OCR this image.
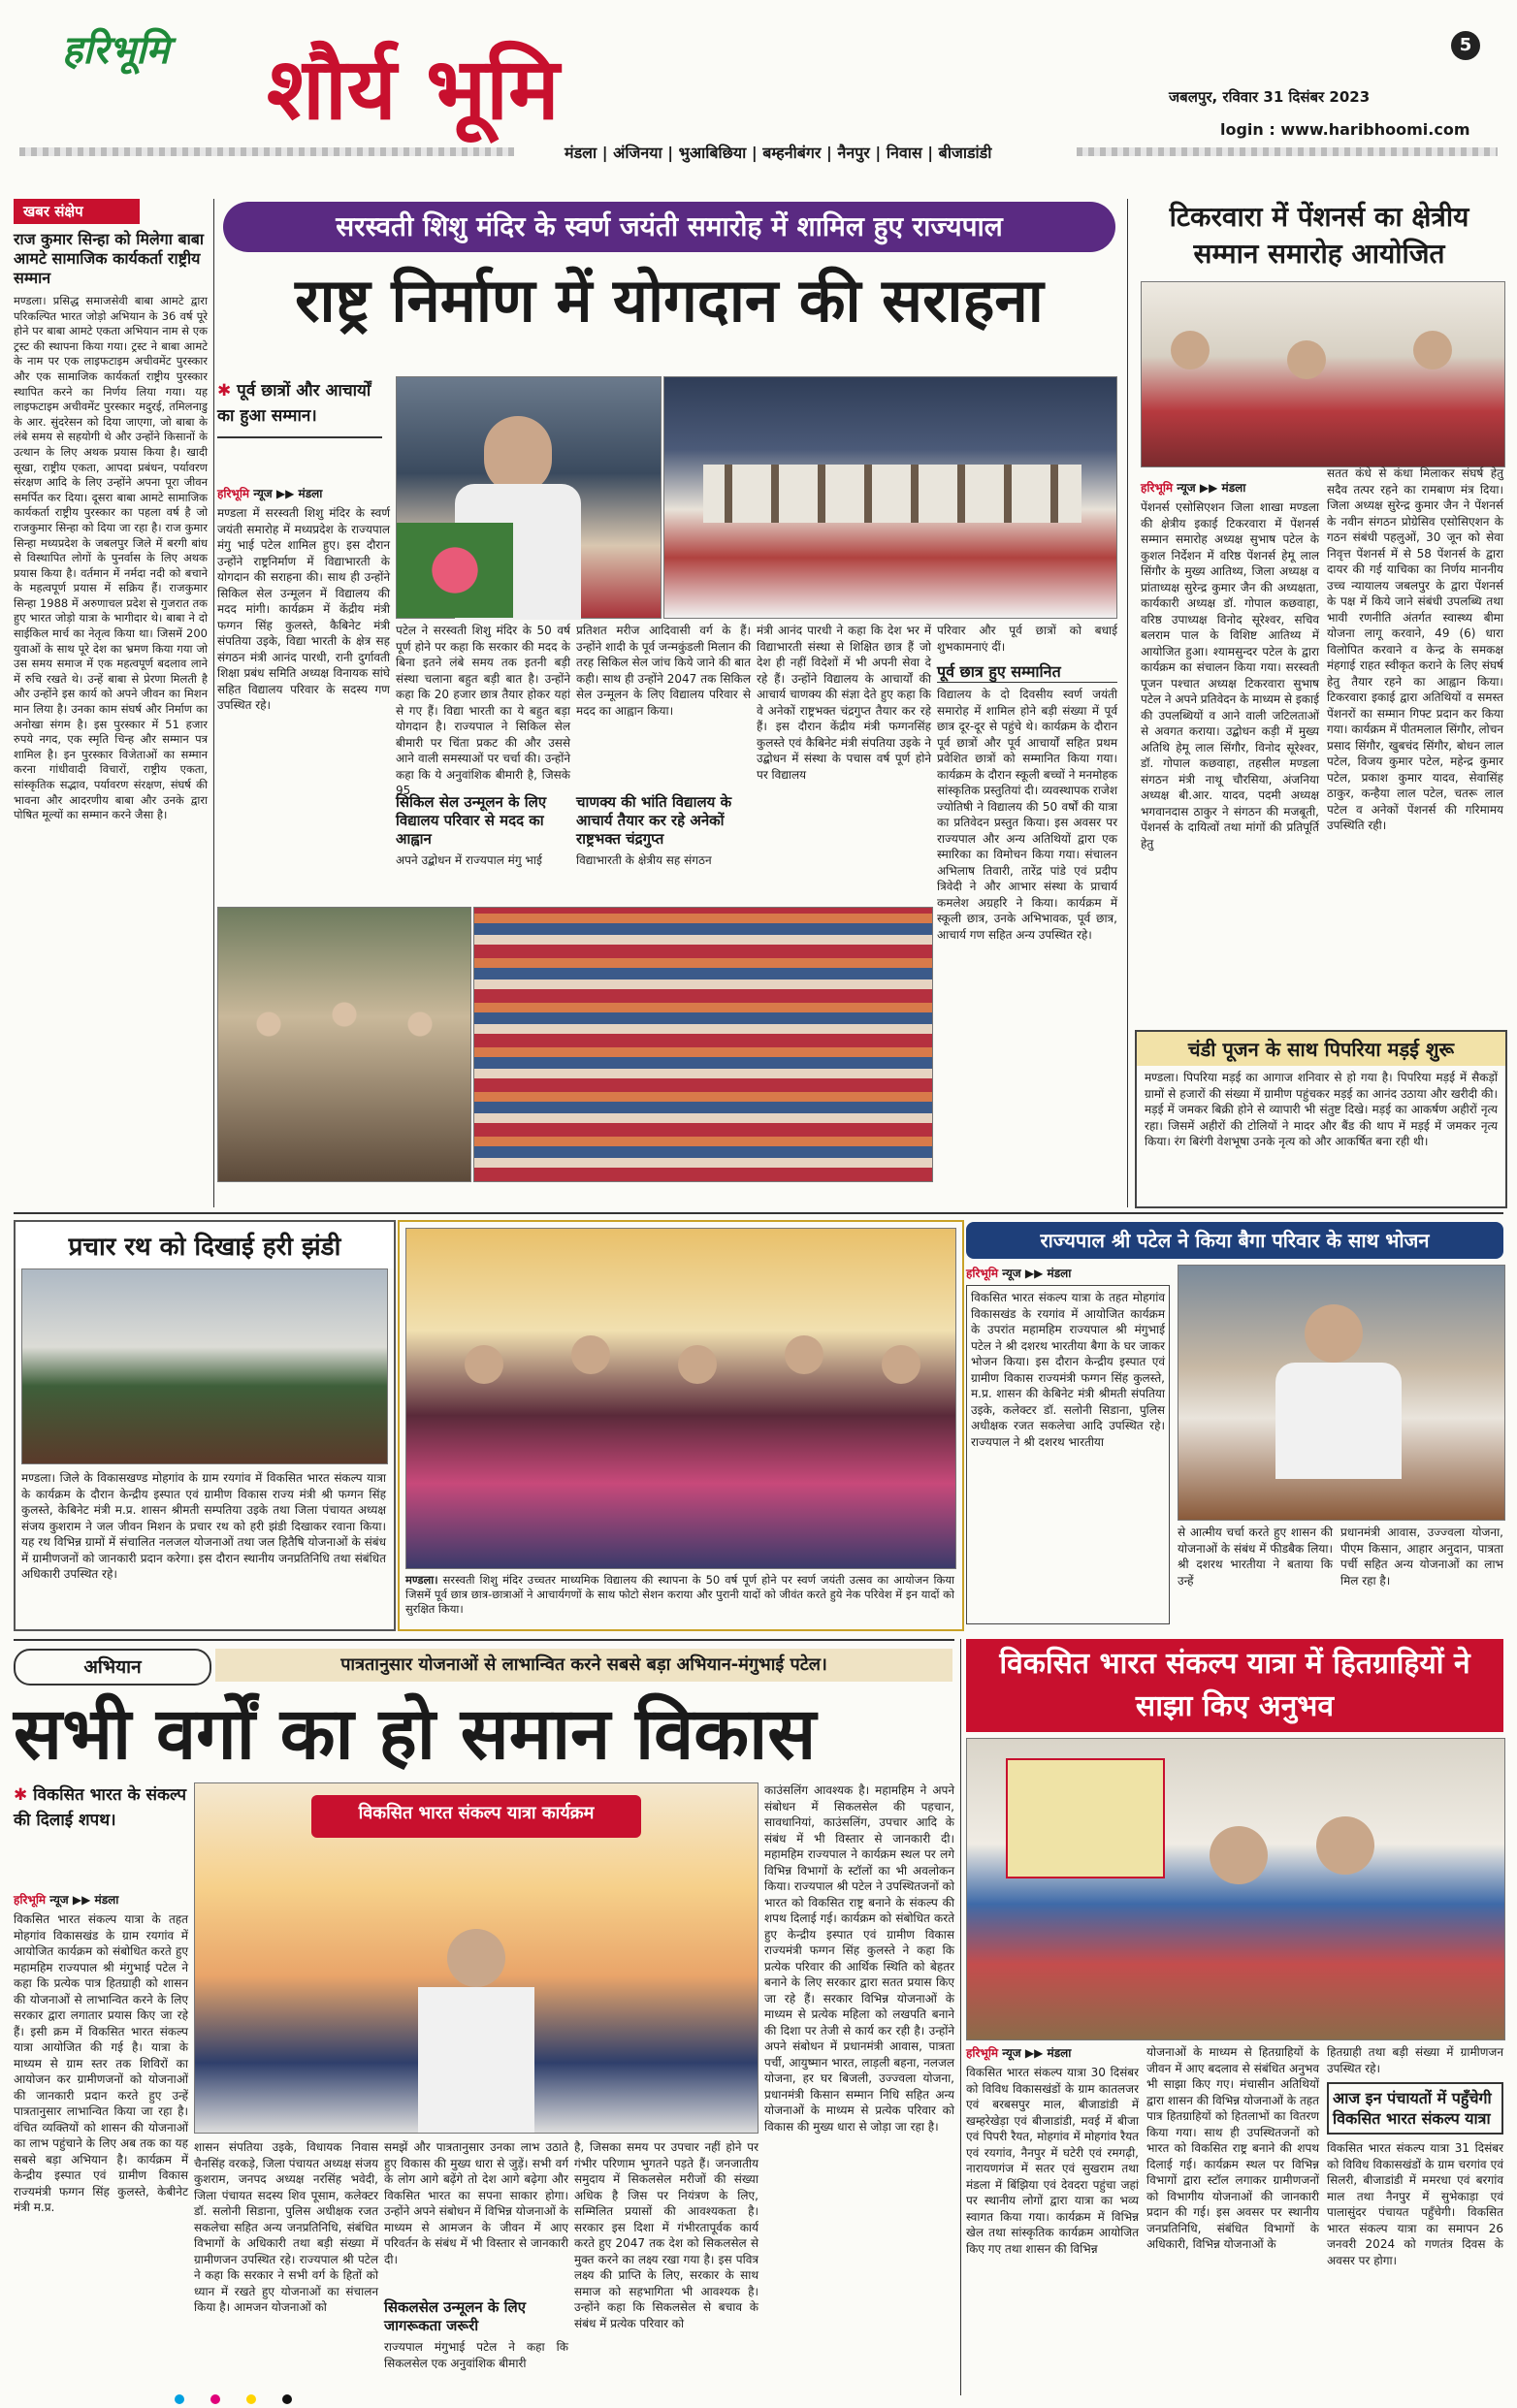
हरिभूमि शौर्य भूमि	5
जबलपुर, रविवार 31 दिसंबर 2023
login : www.haribhoomi.com
मंडला | अंजिनया | भुआबिछिया | बम्हनीबंगर | नैनपुर | निवास | बीजाडांडी
खबर संक्षेप

राज कुमार सिन्हा को मिलेगा बाबा आमटे सामाजिक कार्यकर्ता राष्ट्रीय सम्मान

मण्डला। प्रसिद्ध समाजसेवी बाबा आमटे द्वारा परिकल्पित भारत जोड़ो अभियान के 36 वर्ष पूरे होने पर बाबा आमटे एकता अभियान नाम से एक ट्रस्ट की स्थापना किया गया। ट्रस्ट ने बाबा आमटे के नाम पर एक लाइफटाइम अचीवमेंट पुरस्कार और एक सामाजिक कार्यकर्ता राष्ट्रीय पुरस्कार स्थापित करने का निर्णय लिया गया। यह लाइफटाइम अचीवमेंट पुरस्कार मदुरई, तमिलनाडु के आर. सुंदरेसन को दिया जाएगा, जो बाबा के लंबे समय से सहयोगी थे और उन्होंने किसानों के उत्थान के लिए अथक प्रयास किया है। खादी सूखा, राष्ट्रीय एकता, आपदा प्रबंधन, पर्यावरण संरक्षण आदि के लिए उन्होंने अपना पूरा जीवन समर्पित कर दिया। दूसरा बाबा आमटे सामाजिक कार्यकर्ता राष्ट्रीय पुरस्कार का पहला वर्ष है जो राजकुमार सिन्हा को दिया जा रहा है। राज कुमार सिन्हा मध्यप्रदेश के जबलपुर जिले में बरगी बांध से विस्थापित लोगों के पुनर्वास के लिए अथक प्रयास किया है। वर्तमान में नर्मदा नदी को बचाने के महत्वपूर्ण प्रयास में सक्रिय हैं। राजकुमार सिन्हा 1988 में अरुणाचल प्रदेश से गुजरात तक हुए भारत जोड़ो यात्रा के भागीदार थे। बाबा ने दो साईकिल मार्च का नेतृत्व किया था। जिसमें 200 युवाओं के साथ पूरे देश का भ्रमण किया गया जो उस समय समाज में एक महत्वपूर्ण बदलाव लाने में रुचि रखते थे। उन्हें बाबा से प्रेरणा मिलती है और उन्होंने इस कार्य को अपने जीवन का मिशन मान लिया है। उनका काम संघर्ष और निर्माण का अनोखा संगम है। इस पुरस्कार में 51 हजार रुपये नगद, एक स्मृति चिन्ह और सम्मान पत्र शामिल है। इन पुरस्कार विजेताओं का सम्मान करना गांधीवादी विचारों, राष्ट्रीय एकता, सांस्कृतिक सद्भाव, पर्यावरण संरक्षण, संघर्ष की भावना और आदरणीय बाबा और उनके द्वारा पोषित मूल्यों का सम्मान करने जैसा है।

सरस्वती शिशु मंदिर के स्वर्ण जयंती समारोह में शामिल हुए राज्यपाल
राष्ट्र निर्माण में योगदान की सराहना

✱ पूर्व छात्रों और आचार्यों का हुआ सम्मान।

हरिभूमि न्यूज ▶▶ मंडला

मण्डला में सरस्वती शिशु मंदिर के स्वर्ण जयंती समारोह में मध्यप्रदेश के राज्यपाल मंगु भाई पटेल शामिल हुए। इस दौरान उन्होंने राष्ट्रनिर्माण में विद्याभारती के योगदान की सराहना की। साथ ही उन्होंने सिकिल सेल उन्मूलन में विद्यालय की मदद मांगी। कार्यक्रम में केंद्रीय मंत्री फग्गन सिंह कुलस्ते, कैबिनेट मंत्री संपतिया उइके, विद्या भारती के क्षेत्र सह संगठन मंत्री आनंद पारधी, रानी दुर्गावती शिक्षा प्रबंध समिति अध्यक्ष विनायक सांघे सहित विद्यालय परिवार के सदस्य गण उपस्थित रहे।

पटेल ने सरस्वती शिशु मंदिर के 50 वर्ष पूर्ण होने पर कहा कि सरकार की मदद के बिना इतने लंबे समय तक इतनी बड़ी संस्था चलाना बहुत बड़ी बात है। उन्होंने कहा कि 20 हजार छात्र तैयार होकर यहां से गए हैं। विद्या भारती का ये बहुत बड़ा योगदान है। राज्यपाल ने सिकिल सेल बीमारी पर चिंता प्रकट की और उससे आने वाली समस्याओं पर चर्चा की। उन्होंने कहा कि ये अनुवांशिक बीमारी है, जिसके 95

सिकिल सेल उन्मूलन के लिए विद्यालय परिवार से मदद का आह्वान

अपने उद्बोधन में राज्यपाल मंगु भाई

प्रतिशत मरीज आदिवासी वर्ग के हैं। उन्होंने शादी के पूर्व जन्मकुंडली मिलान की तरह सिकिल सेल जांच किये जाने की बात कही। साथ ही उन्होंने 2047 तक सिकिल सेल उन्मूलन के लिए विद्यालय परिवार से मदद का आह्वान किया।

चाणक्य की भांति विद्यालय के आचार्य तैयार कर रहे अनेकों राष्ट्रभक्त चंद्रगुप्त

विद्याभारती के क्षेत्रीय सह संगठन

मंत्री आनंद पारधी ने कहा कि देश भर में विद्याभारती संस्था से शिक्षित छात्र हैं जो देश ही नहीं विदेशों में भी अपनी सेवा दे रहे हैं। उन्होंने विद्यालय के आचार्यों की आचार्य चाणक्य की संज्ञा देते हुए कहा कि वे अनेकों राष्ट्रभक्त चंद्रगुप्त तैयार कर रहे हैं। इस दौरान केंद्रीय मंत्री फग्गनसिंह कुलस्ते एवं कैबिनेट मंत्री संपतिया उइके ने उद्बोधन में संस्था के पचास वर्ष पूर्ण होने पर विद्यालय

परिवार और पूर्व छात्रों को बधाई शुभकामनाएं दीं।

पूर्व छात्र हुए सम्मानित

विद्यालय के दो दिवसीय स्वर्ण जयंती समारोह में शामिल होने बड़ी संख्या में पूर्व छात्र दूर-दूर से पहुंचे थे। कार्यक्रम के दौरान पूर्व छात्रों और पूर्व आचार्यों सहित प्रथम प्रवेशित छात्रों को सम्मानित किया गया। कार्यक्रम के दौरान स्कूली बच्चों ने मनमोहक सांस्कृतिक प्रस्तुतियां दी। व्यवस्थापक राजेश ज्योतिषी ने विद्यालय की 50 वर्षों की यात्रा का प्रतिवेदन प्रस्तुत किया। इस अवसर पर राज्यपाल और अन्य अतिथियों द्वारा एक स्मारिका का विमोचन किया गया। संचालन अभिलाष तिवारी, तारेंद्र पांडे एवं प्रदीप त्रिवेदी ने और आभार संस्था के प्राचार्य कमलेश अग्रहरि ने किया। कार्यक्रम में स्कूली छात्र, उनके अभिभावक, पूर्व छात्र, आचार्य गण सहित अन्य उपस्थित रहे।

टिकरवारा में पेंशनर्स का क्षेत्रीय सम्मान समारोह आयोजित

हरिभूमि न्यूज ▶▶ मंडला

पेंशनर्स एसोसिएशन जिला शाखा मण्डला की क्षेत्रीय इकाई टिकरवारा में पेंशनर्स सम्मान समारोह अध्यक्ष सुभाष पटेल के कुशल निर्देशन में वरिष्ठ पेंशनर्स हेमू लाल सिंगौर के मुख्य आतिथ्य, जिला अध्यक्ष व प्रांताध्यक्ष सुरेन्द्र कुमार जैन की अध्यक्षता, कार्यकारी अध्यक्ष डॉ. गोपाल कछवाहा, वरिष्ठ उपाध्यक्ष विनोद सूरेश्वर, सचिव बलराम पाल के विशिष्ट आतिथ्य में आयोजित हुआ। श्यामसुन्दर पटेल के द्वारा कार्यक्रम का संचालन किया गया। सरस्वती पूजन पश्चात अध्यक्ष टिकरवारा सुभाष पटेल ने अपने प्रतिवेदन के माध्यम से इकाई की उपलब्धियों व आने वाली जटिलताओं से अवगत कराया। उद्बोधन कड़ी में मुख्य अतिथि हेमू लाल सिंगौर, विनोद सूरेश्वर, डॉ. गोपाल कछवाहा, तहसील मण्डला संगठन मंत्री नाथू चौरसिया, अंजनिया अध्यक्ष बी.आर. यादव, पदमी अध्यक्ष भगवानदास ठाकुर ने संगठन की मजबूती, पेंशनर्स के दायित्वों तथा मांगों की प्रतिपूर्ति हेतु

सतत कंधे से कंधा मिलाकर संघर्ष हेतु सदैव तत्पर रहने का रामबाण मंत्र दिया। जिला अध्यक्ष सुरेन्द्र कुमार जैन ने पेंशनर्स के नवीन संगठन प्रोग्रेसिव एसोसिएशन के गठन संबंधी पहलुओं, 30 जून को सेवा निवृत्त पेंशनर्स में से 58 पेंशनर्स के द्वारा दायर की गई याचिका का निर्णय माननीय उच्च न्यायालय जबलपुर के द्वारा पेंशनर्स के पक्ष में किये जाने संबंधी उपलब्धि तथा भावी रणनीति अंतर्गत स्वास्थ्य बीमा योजना लागू करवाने, 49 (6) धारा विलोपित करवाने व केन्द्र के समकक्ष मंहगाई राहत स्वीकृत कराने के लिए संघर्ष हेतु तैयार रहने का आह्वान किया। टिकरवारा इकाई द्वारा अतिथियों व समस्त पेंशनरों का सम्मान गिफ्ट प्रदान कर किया गया। कार्यक्रम में पीतमलाल सिंगौर, लोचन प्रसाद सिंगौर, खुबचंद सिंगौर, बोधन लाल पटेल, विजय कुमार पटेल, महेन्द्र कुमार पटेल, प्रकाश कुमार यादव, सेवासिंह ठाकुर, कन्हैया लाल पटेल, चतरू लाल पटेल व अनेकों पेंशनर्स की गरिमामय उपस्थिति रही।

चंडी पूजन के साथ पिपरिया मड़ई शुरू

मण्डला। पिपरिया मड़ई का आगाज शनिवार से हो गया है। पिपरिया मड़ई में सैकड़ों ग्रामों से हजारों की संख्या में ग्रामीण पहुंचकर मड़ई का आनंद उठाया और खरीदी की। मड़ई में जमकर बिक्री होने से व्यापारी भी संतुष्ट दिखे। मड़ई का आकर्षण अहीरों नृत्य रहा। जिसमें अहीरों की टोलियों ने मादर और बैंड की थाप में मड़ई में जमकर नृत्य किया। रंग बिरंगी वेशभूषा उनके नृत्य को और आकर्षित बना रही थी।

प्रचार रथ को दिखाई हरी झंडी

मण्डला। जिले के विकासखण्ड मोहगांव के ग्राम रयगांव में विकसित भारत संकल्प यात्रा के कार्यक्रम के दौरान केन्द्रीय इस्पात एवं ग्रामीण विकास राज्य मंत्री श्री फग्गन सिंह कुलस्ते, केबिनेट मंत्री म.प्र. शासन श्रीमती सम्पतिया उइके तथा जिला पंचायत अध्यक्ष संजय कुशराम ने जल जीवन मिशन के प्रचार रथ को हरी झंडी दिखाकर रवाना किया। यह रथ विभिन्न ग्रामों में संचालित नलजल योजनाओं तथा जल हितैषि योजनाओं के संबंध में ग्रामीणजनों को जानकारी प्रदान करेगा। इस दौरान स्थानीय जनप्रतिनिधि तथा संबंधित अधिकारी उपस्थित रहे।	मण्डला। सरस्वती शिशु मंदिर उच्चतर माध्यमिक विद्यालय की स्थापना के 50 वर्ष पूर्ण होने पर स्वर्ण जयंती उत्सव का आयोजन किया जिसमें पूर्व छात्र छात्र-छात्राओं ने आचार्यगणों के साथ फोटो सेशन कराया और पुरानी यादों को जीवंत करते हुये नेक परिवेश में इन यादों को सुरक्षित किया।

राज्यपाल श्री पटेल ने किया बैगा परिवार के साथ भोजन

हरिभूमि न्यूज ▶▶ मंडला

विकसित भारत संकल्प यात्रा के तहत मोहगांव विकासखंड के रयगांव में आयोजित कार्यक्रम के उपरांत महामहिम राज्यपाल श्री मंगुभाई पटेल ने श्री दशरथ भारतीया बैगा के घर जाकर भोजन किया। इस दौरान केन्द्रीय इस्पात एवं ग्रामीण विकास राज्यमंत्री फग्गन सिंह कुलस्ते, म.प्र. शासन की केबिनेट मंत्री श्रीमती संपतिया उइके, कलेक्टर डॉ. सलोनी सिडाना, पुलिस अधीक्षक रजत सकलेचा आदि उपस्थित रहे। राज्यपाल ने श्री दशरथ भारतीया

से आत्मीय चर्चा करते हुए शासन की योजनाओं के संबंध में फीडबैक लिया। श्री दशरथ भारतीया ने बताया कि उन्हें

प्रधानमंत्री आवास, उज्ज्वला योजना, पीएम किसान, आहार अनुदान, पात्रता पर्ची सहित अन्य योजनाओं का लाभ मिल रहा है।

अभियान	पात्रतानुसार योजनाओं से लाभान्वित करने सबसे बड़ा अभियान-मंगुभाई पटेल।
सभी वर्गों का हो समान विकास

✱ विकसित भारत के संकल्प की दिलाई शपथ।	विकसित भारत संकल्प यात्रा कार्यक्रम

हरिभूमि न्यूज ▶▶ मंडला

विकसित भारत संकल्प यात्रा के तहत मोहगांव विकासखंड के ग्राम रयगांव में आयोजित कार्यक्रम को संबोधित करते हुए महामहिम राज्यपाल श्री मंगुभाई पटेल ने कहा कि प्रत्येक पात्र हितग्राही को शासन की योजनाओं से लाभान्वित करने के लिए सरकार द्वारा लगातार प्रयास किए जा रहे हैं। इसी क्रम में विकसित भारत संकल्प यात्रा आयोजित की गई है। यात्रा के माध्यम से ग्राम स्तर तक शिविरों का आयोजन कर ग्रामीणजनों को योजनाओं की जानकारी प्रदान करते हुए उन्हें पात्रतानुसार लाभान्वित किया जा रहा है। वंचित व्यक्तियों को शासन की योजनाओं का लाभ पहुंचाने के लिए अब तक का यह सबसे बड़ा अभियान है। कार्यक्रम में केन्द्रीय इस्पात एवं ग्रामीण विकास राज्यमंत्री फग्गन सिंह कुलस्ते, केबीनेट मंत्री म.प्र.

शासन संपतिया उइके, विधायक निवास चैनसिंह वरकड़े, जिला पंचायत अध्यक्ष संजय कुशराम, जनपद अध्यक्ष नरसिंह भवेदी, जिला पंचायत सदस्य शिव पूसाम, कलेक्टर डॉ. सलोनी सिडाना, पुलिस अधीक्षक रजत सकलेचा सहित अन्य जनप्रतिनिधि, संबंधित विभागों के अधिकारी तथा बड़ी संख्या में ग्रामीणजन उपस्थित रहे। राज्यपाल श्री पटेल ने कहा कि सरकार ने सभी वर्ग के हितों को ध्यान में रखते हुए योजनाओं का संचालन किया है। आमजन योजनाओं को

समझें और पात्रतानुसार उनका लाभ उठाते हुए विकास की मुख्य धारा से जुड़ें। सभी वर्ग के लोग आगे बढ़ेंगे तो देश आगे बढ़ेगा और विकसित भारत का सपना साकार होगा। उन्होंने अपने संबोधन में विभिन्न योजनाओं के माध्यम से आमजन के जीवन में आए परिवर्तन के संबंध में भी विस्तार से जानकारी दी।

सिकलसेल उन्मूलन के लिए जागरूकता जरूरी

राज्यपाल मंगुभाई पटेल ने कहा कि सिकलसेल एक अनुवांशिक बीमारी

है, जिसका समय पर उपचार नहीं होने पर गंभीर परिणाम भुगतने पड़ते हैं। जनजातीय समुदाय में सिकलसेल मरीजों की संख्या अधिक है जिस पर नियंत्रण के लिए, सम्मिलित प्रयासों की आवश्यकता है। सरकार इस दिशा में गंभीरतापूर्वक कार्य करते हुए 2047 तक देश को सिकलसेल से मुक्त करने का लक्ष्य रखा गया है। इस पवित्र लक्ष्य की प्राप्ति के लिए, सरकार के साथ समाज को सहभागिता भी आवश्यक है। उन्होंने कहा कि सिकलसेल से बचाव के संबंध में प्रत्येक परिवार को

काउंसलिंग आवश्यक है। महामहिम ने अपने संबोधन में सिकलसेल की पहचान, सावधानियां, काउंसलिंग, उपचार आदि के संबंध में भी विस्तार से जानकारी दी। महामहिम राज्यपाल ने कार्यक्रम स्थल पर लगे विभिन्न विभागों के स्टॉलों का भी अवलोकन किया। राज्यपाल श्री पटेल ने उपस्थितजनों को भारत को विकसित राष्ट्र बनाने के संकल्प की शपथ दिलाई गई। कार्यक्रम को संबोधित करते हुए केन्द्रीय इस्पात एवं ग्रामीण विकास राज्यमंत्री फग्गन सिंह कुलस्ते ने कहा कि प्रत्येक परिवार की आर्थिक स्थिति को बेहतर बनाने के लिए सरकार द्वारा सतत प्रयास किए जा रहे हैं। सरकार विभिन्न योजनाओं के माध्यम से प्रत्येक महिला को लखपति बनाने की दिशा पर तेजी से कार्य कर रही है। उन्होंने अपने संबोधन में प्रधानमंत्री आवास, पात्रता पर्ची, आयुष्मान भारत, लाड़ली बहना, नलजल योजना, हर घर बिजली, उज्ज्वला योजना, प्रधानमंत्री किसान सम्मान निधि सहित अन्य योजनाओं के माध्यम से प्रत्येक परिवार को विकास की मुख्य धारा से जोड़ा जा रहा है।

विकसित भारत संकल्प यात्रा में हितग्राहियों ने साझा किए अनुभव

हरिभूमि न्यूज ▶▶ मंडला

विकसित भारत संकल्प यात्रा 30 दिसंबर को विविध विकासखंडों के ग्राम कातलजर एवं बरबसपुर माल, बीजाडांडी में खम्हरेखेड़ा एवं बीजाडांडी, मवई में बीजा एवं पिपरी रैयत, मोहगांव में मोहगांव रैयत एवं रयगांव, नैनपुर में घटेरी एवं रमगढ़ी, नारायणगंज में सतर एवं सुखराम तथा मंडला में बिंझिया एवं देवदरा पहुंचा जहां पर स्थानीय लोगों द्वारा यात्रा का भव्य स्वागत किया गया। कार्यक्रम में विभिन्न खेल तथा सांस्कृतिक कार्यक्रम आयोजित किए गए तथा शासन की विभिन्न

योजनाओं के माध्यम से हितग्राहियों के जीवन में आए बदलाव से संबंधित अनुभव भी साझा किए गए। मंचासीन अतिथियों द्वारा शासन की विभिन्न योजनाओं के तहत पात्र हितग्राहियों को हितलाभों का वितरण किया गया। साथ ही उपस्थितजनों को भारत को विकसित राष्ट्र बनाने की शपथ दिलाई गई। कार्यक्रम स्थल पर विभिन्न विभागों द्वारा स्टॉल लगाकर ग्रामीणजनों को विभागीय योजनाओं की जानकारी प्रदान की गई। इस अवसर पर स्थानीय जनप्रतिनिधि, संबंधित विभागों के अधिकारी, विभिन्न योजनाओं के

हितग्राही तथा बड़ी संख्या में ग्रामीणजन उपस्थित रहे।

आज इन पंचायतों में पहुँचेगी विकसित भारत संकल्प यात्रा

विकसित भारत संकल्प यात्रा 31 दिसंबर को विविध विकासखंडों के ग्राम चरगांव एवं सिलरी, बीजाडांडी में ममरधा एवं बरगांव माल तथा नैनपुर में सुभेकाड़ा एवं पालासुंदर पंचायत पहुँचेगी। विकसित भारत संकल्प यात्रा का समापन 26 जनवरी 2024 को गणतंत्र दिवस के अवसर पर होगा।
